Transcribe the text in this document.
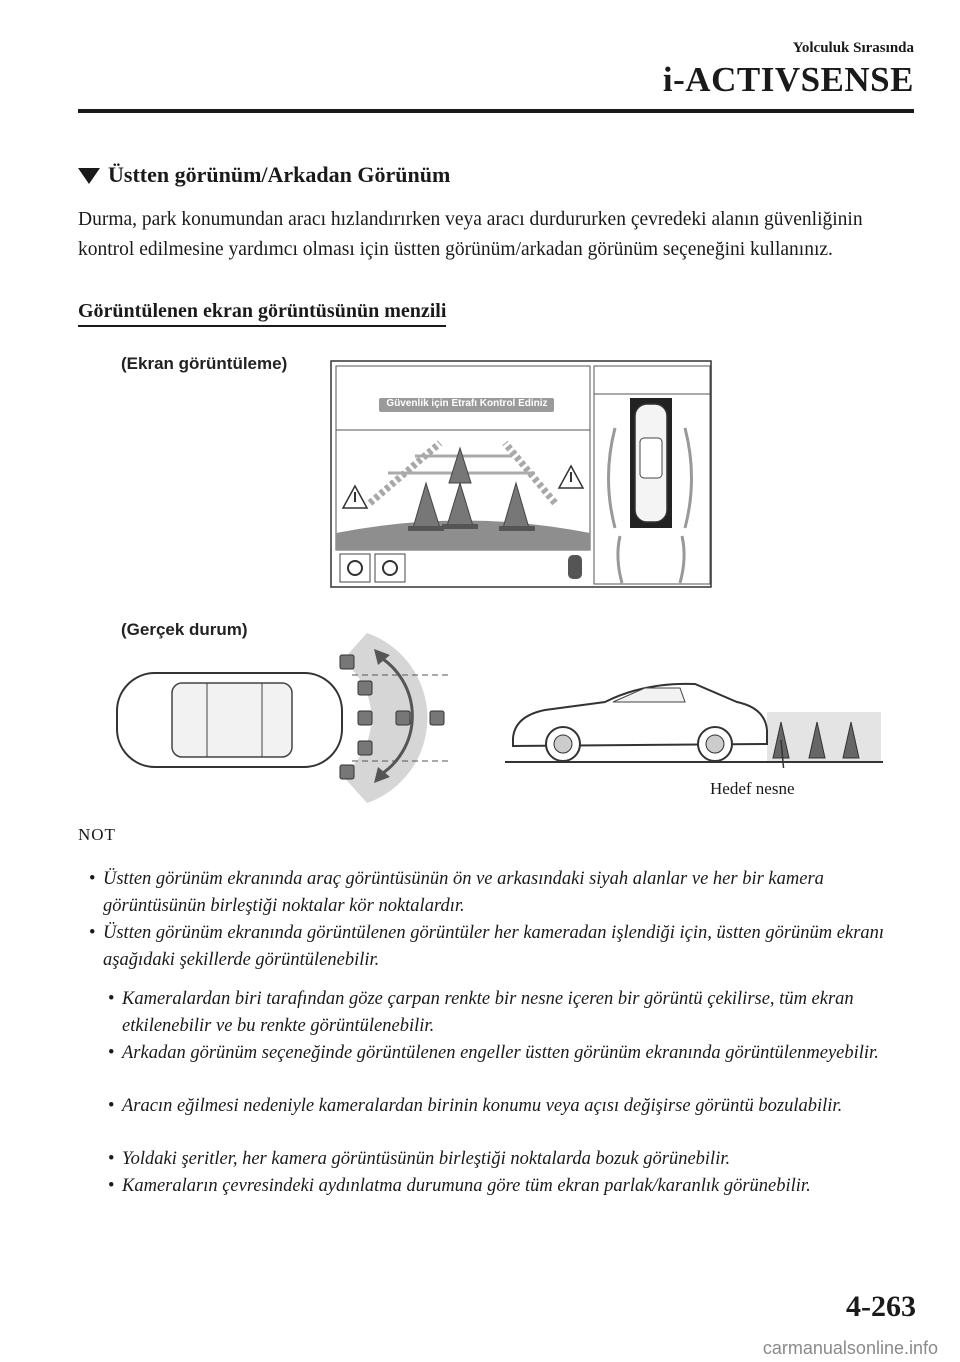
Yolculuk Sırasında
i-ACTIVSENSE
Üstten görünüm/Arkadan Görünüm
Durma, park konumundan aracı hızlandırırken veya aracı durdururken çevredeki alanın güvenliğinin kontrol edilmesine yardımcı olması için üstten görünüm/arkadan görünüm seçeneğini kullanınız.
Görüntülenen ekran görüntüsünün menzili
(Ekran görüntüleme)
Güvenlik için Etrafı Kontrol Ediniz
(Gerçek durum)
Hedef nesne
NOT
• Üstten görünüm ekranında araç görüntüsünün ön ve arkasındaki siyah alanlar ve her bir kamera görüntüsünün birleştiği noktalar kör noktalardır.

• Üstten görünüm ekranında görüntülenen görüntüler her kameradan işlendiği için, üstten görünüm ekranı aşağıdaki şekillerde görüntülenebilir.

• Kameralardan biri tarafından göze çarpan renkte bir nesne içeren bir görüntü çekilirse, tüm ekran etkilenebilir ve bu renkte görüntülenebilir.

• Arkadan görünüm seçeneğinde görüntülenen engeller üstten görünüm ekranında görüntülenmeyebilir.

• Aracın eğilmesi nedeniyle kameralardan birinin konumu veya açısı değişirse görüntü bozulabilir.

• Yoldaki şeritler, her kamera görüntüsünün birleştiği noktalarda bozuk görünebilir.

• Kameraların çevresindeki aydınlatma durumuna göre tüm ekran parlak/karanlık görünebilir.

4-263
carmanualsonline.info
